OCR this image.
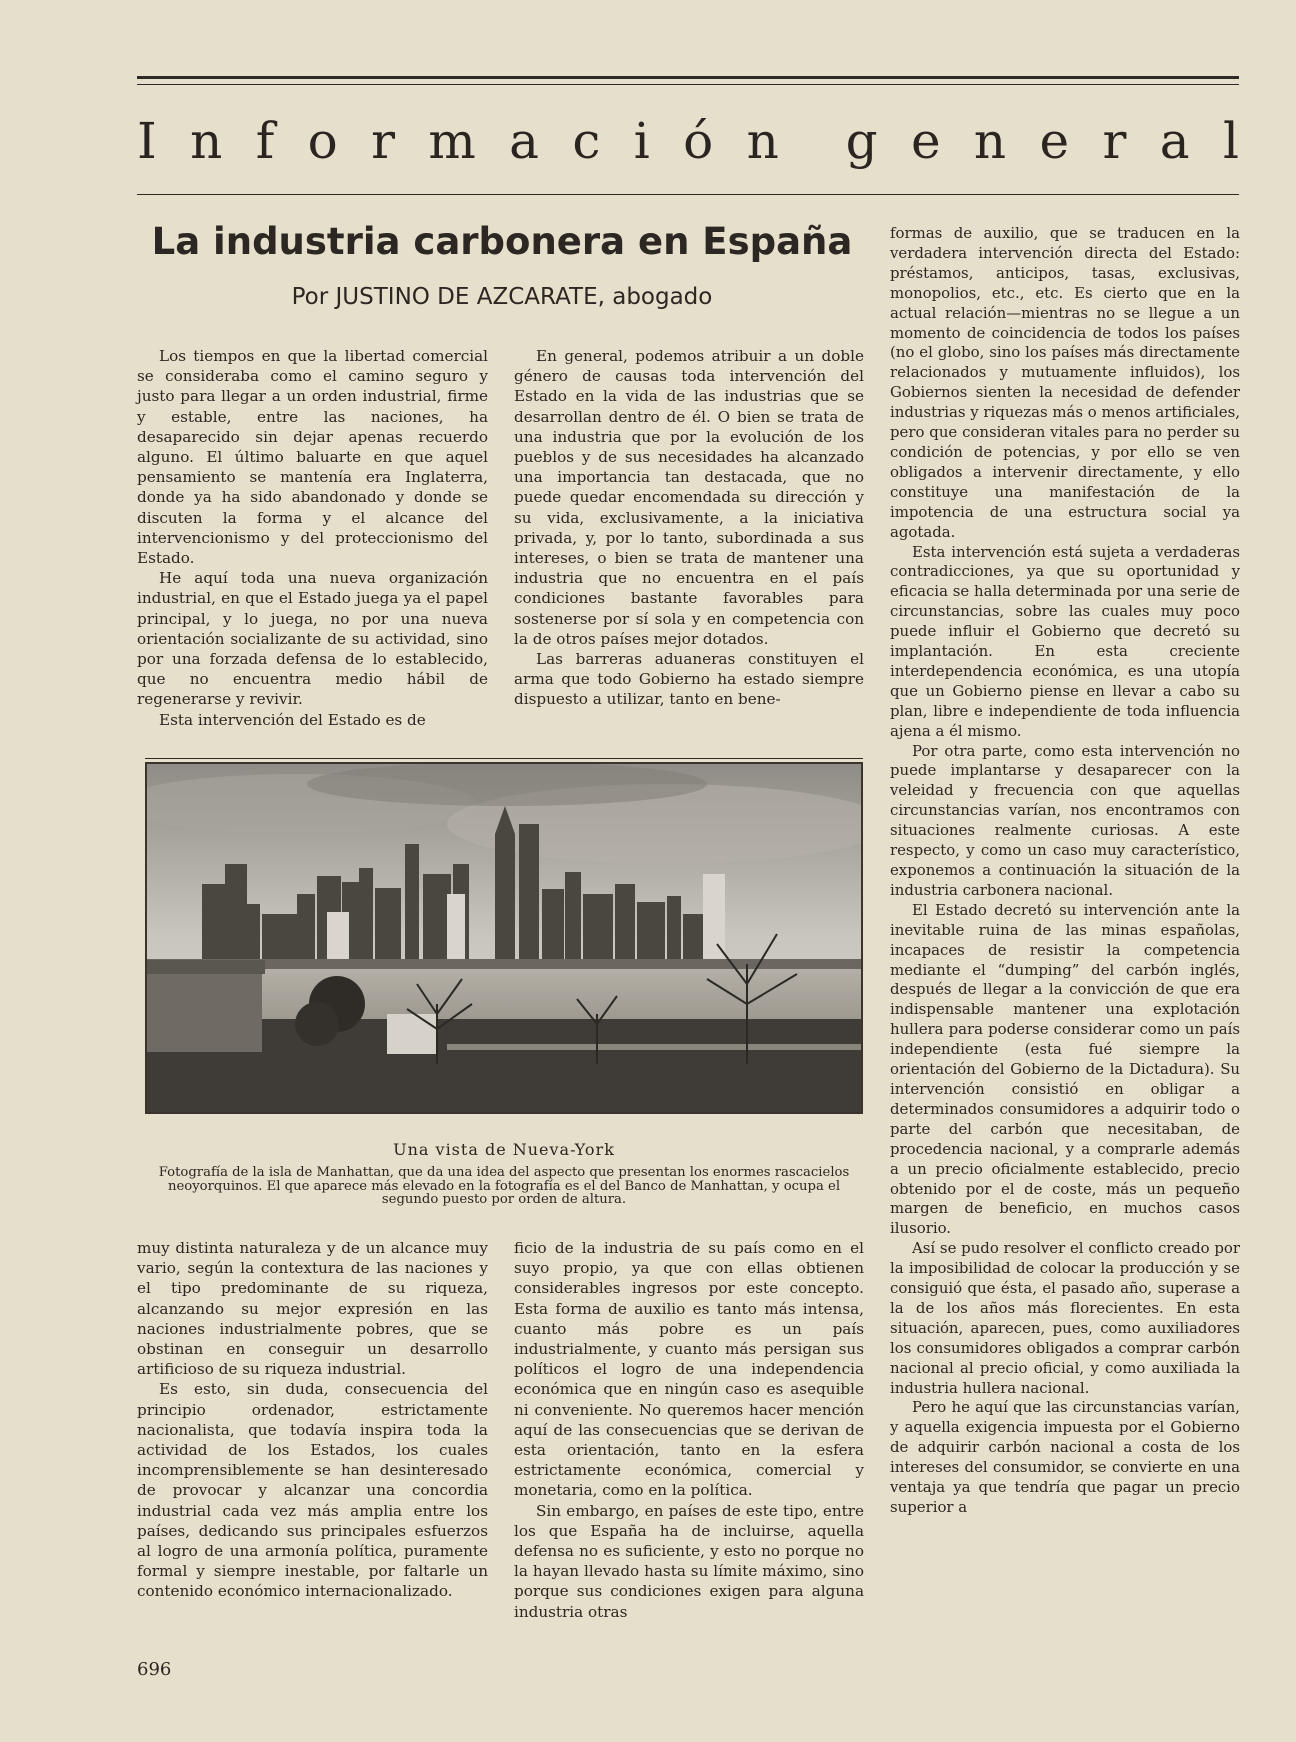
I n f o r m a c i ó n g e n e r a l
La industria carbonera en España
Por JUSTINO DE AZCARATE, abogado

Los tiempos en que la libertad comercial se consideraba como el camino seguro y justo para llegar a un orden industrial, firme y estable, entre las naciones, ha desaparecido sin dejar apenas recuerdo alguno. El último baluarte en que aquel pensamiento se mantenía era Inglaterra, donde ya ha sido abandonado y donde se discuten la forma y el alcance del intervencionismo y del proteccionismo del Estado.

He aquí toda una nueva organización industrial, en que el Estado juega ya el papel principal, y lo juega, no por una nueva orientación socializante de su actividad, sino por una forzada defensa de lo establecido, que no encuentra medio hábil de regenerarse y revivir.

Esta intervención del Estado es de

En general, podemos atribuir a un doble género de causas toda intervención del Estado en la vida de las industrias que se desarrollan dentro de él. O bien se trata de una industria que por la evolución de los pueblos y de sus necesidades ha alcanzado una importancia tan destacada, que no puede quedar encomendada su dirección y su vida, exclusivamente, a la iniciativa privada, y, por lo tanto, subordinada a sus intereses, o bien se trata de mantener una industria que no encuentra en el país condiciones bastante favorables para sostenerse por sí sola y en competencia con la de otros países mejor dotados.

Las barreras aduaneras constituyen el arma que todo Gobierno ha estado siempre dispuesto a utilizar, tanto en bene-

Una vista de Nueva-York
Fotografía de la isla de Manhattan, que da una idea del aspecto que presentan los enormes rascacielos neoyorquinos. El que aparece más elevado en la fotografía es el del Banco de Manhattan, y ocupa el segundo puesto por orden de altura.

muy distinta naturaleza y de un alcance muy vario, según la contextura de las naciones y el tipo predominante de su riqueza, alcanzando su mejor expresión en las naciones industrialmente pobres, que se obstinan en conseguir un desarrollo artificioso de su riqueza industrial.

Es esto, sin duda, consecuencia del principio ordenador, estrictamente nacionalista, que todavía inspira toda la actividad de los Estados, los cuales incomprensiblemente se han desinteresado de provocar y alcanzar una concordia industrial cada vez más amplia entre los países, dedicando sus principales esfuerzos al logro de una armonía política, puramente formal y siempre inestable, por faltarle un contenido económico internacionalizado.

ficio de la industria de su país como en el suyo propio, ya que con ellas obtienen considerables ingresos por este concepto. Esta forma de auxilio es tanto más intensa, cuanto más pobre es un país industrialmente, y cuanto más persigan sus políticos el logro de una independencia económica que en ningún caso es asequible ni conveniente. No queremos hacer mención aquí de las consecuencias que se derivan de esta orientación, tanto en la esfera estrictamente económica, comercial y monetaria, como en la política.

Sin embargo, en países de este tipo, entre los que España ha de incluirse, aquella defensa no es suficiente, y esto no porque no la hayan llevado hasta su límite máximo, sino porque sus condiciones exigen para alguna industria otras

formas de auxilio, que se traducen en la verdadera intervención directa del Estado: préstamos, anticipos, tasas, exclusivas, monopolios, etc., etc. Es cierto que en la actual relación—mientras no se llegue a un momento de coincidencia de todos los países (no el globo, sino los países más directamente relacionados y mutuamente influidos), los Gobiernos sienten la necesidad de defender industrias y riquezas más o menos artificiales, pero que consideran vitales para no perder su condición de potencias, y por ello se ven obligados a intervenir directamente, y ello constituye una manifestación de la impotencia de una estructura social ya agotada.

Esta intervención está sujeta a verdaderas contradicciones, ya que su oportunidad y eficacia se halla determinada por una serie de circunstancias, sobre las cuales muy poco puede influir el Gobierno que decretó su implantación. En esta creciente interdependencia económica, es una utopía que un Gobierno piense en llevar a cabo su plan, libre e independiente de toda influencia ajena a él mismo.

Por otra parte, como esta intervención no puede implantarse y desaparecer con la veleidad y frecuencia con que aquellas circunstancias varían, nos encontramos con situaciones realmente curiosas. A este respecto, y como un caso muy característico, exponemos a continuación la situación de la industria carbonera nacional.

El Estado decretó su intervención ante la inevitable ruina de las minas españolas, incapaces de resistir la competencia mediante el “dumping” del carbón inglés, después de llegar a la convicción de que era indispensable mantener una explotación hullera para poderse considerar como un país independiente (esta fué siempre la orientación del Gobierno de la Dictadura). Su intervención consistió en obligar a determinados consumidores a adquirir todo o parte del carbón que necesitaban, de procedencia nacional, y a comprarle además a un precio oficialmente establecido, precio obtenido por el de coste, más un pequeño margen de beneficio, en muchos casos ilusorio.

Así se pudo resolver el conflicto creado por la imposibilidad de colocar la producción y se consiguió que ésta, el pasado año, superase a la de los años más florecientes. En esta situación, aparecen, pues, como auxiliadores los consumidores obligados a comprar carbón nacional al precio oficial, y como auxiliada la industria hullera nacional.

Pero he aquí que las circunstancias varían, y aquella exigencia impuesta por el Gobierno de adquirir carbón nacional a costa de los intereses del consumidor, se convierte en una ventaja ya que tendría que pagar un precio superior a

696
